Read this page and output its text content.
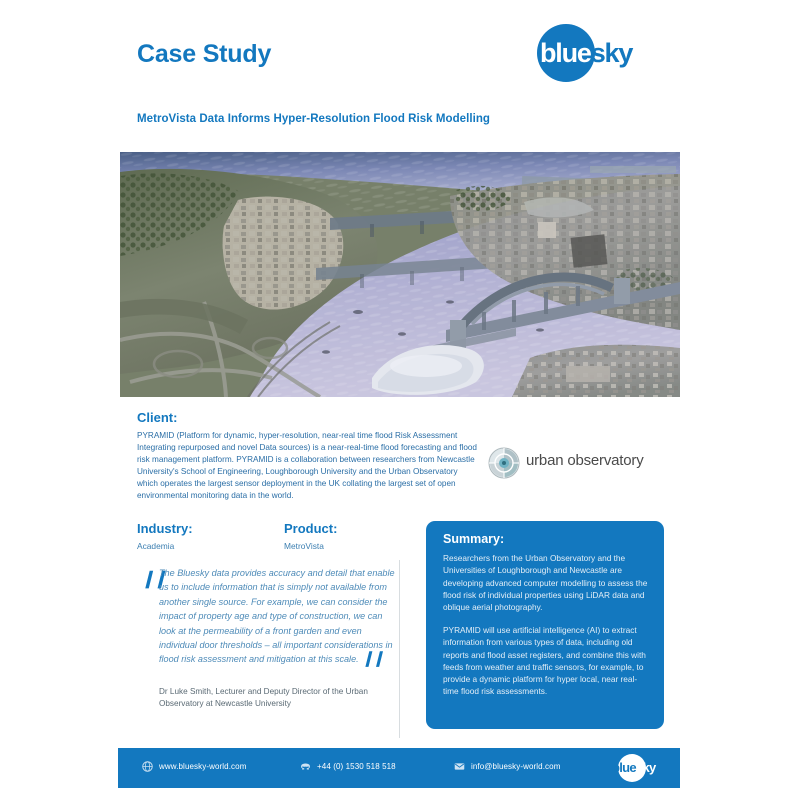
Case Study	bluesky
MetroVista Data Informs Hyper-Resolution Flood Risk Modelling
Client:
PYRAMID (Platform for dynamic, hyper-resolution, near-real time flood Risk Assessment Integrating repurposed and novel Data sources) is a near-real-time flood forecasting and flood risk management platform. PYRAMID is a collaboration between researchers from Newcastle University's School of Engineering, Loughborough University and the Urban Observatory which operates the largest sensor deployment in the UK collating the largest set of open environmental monitoring data in the world.
urban observatory
Industry:
Academia
Product:
MetroVista
❙❙
The Bluesky data provides accuracy and detail that enable us to include information that is simply not available from another single source. For example, we can consider the impact of property age and type of construction, we can look at the permeability of a front garden and even individual door thresholds – all important considerations in flood risk assessment and mitigation at this scale. ❙❙
Dr Luke Smith, Lecturer and Deputy Director of the Urban Observatory at Newcastle University
Summary:
Researchers from the Urban Observatory and the Universities of Loughborough and Newcastle are developing advanced computer modelling to assess the flood risk of individual properties using LiDAR data and oblique aerial photography.
PYRAMID will use artificial intelligence (AI) to extract information from various types of data, including old reports and flood asset registers, and combine this with feeds from weather and traffic sensors, for example, to provide a dynamic platform for hyper local, near real-time flood risk assessments.
www.bluesky-world.com	+44 (0) 1530 518 518	info@bluesky-world.com	bluesky
